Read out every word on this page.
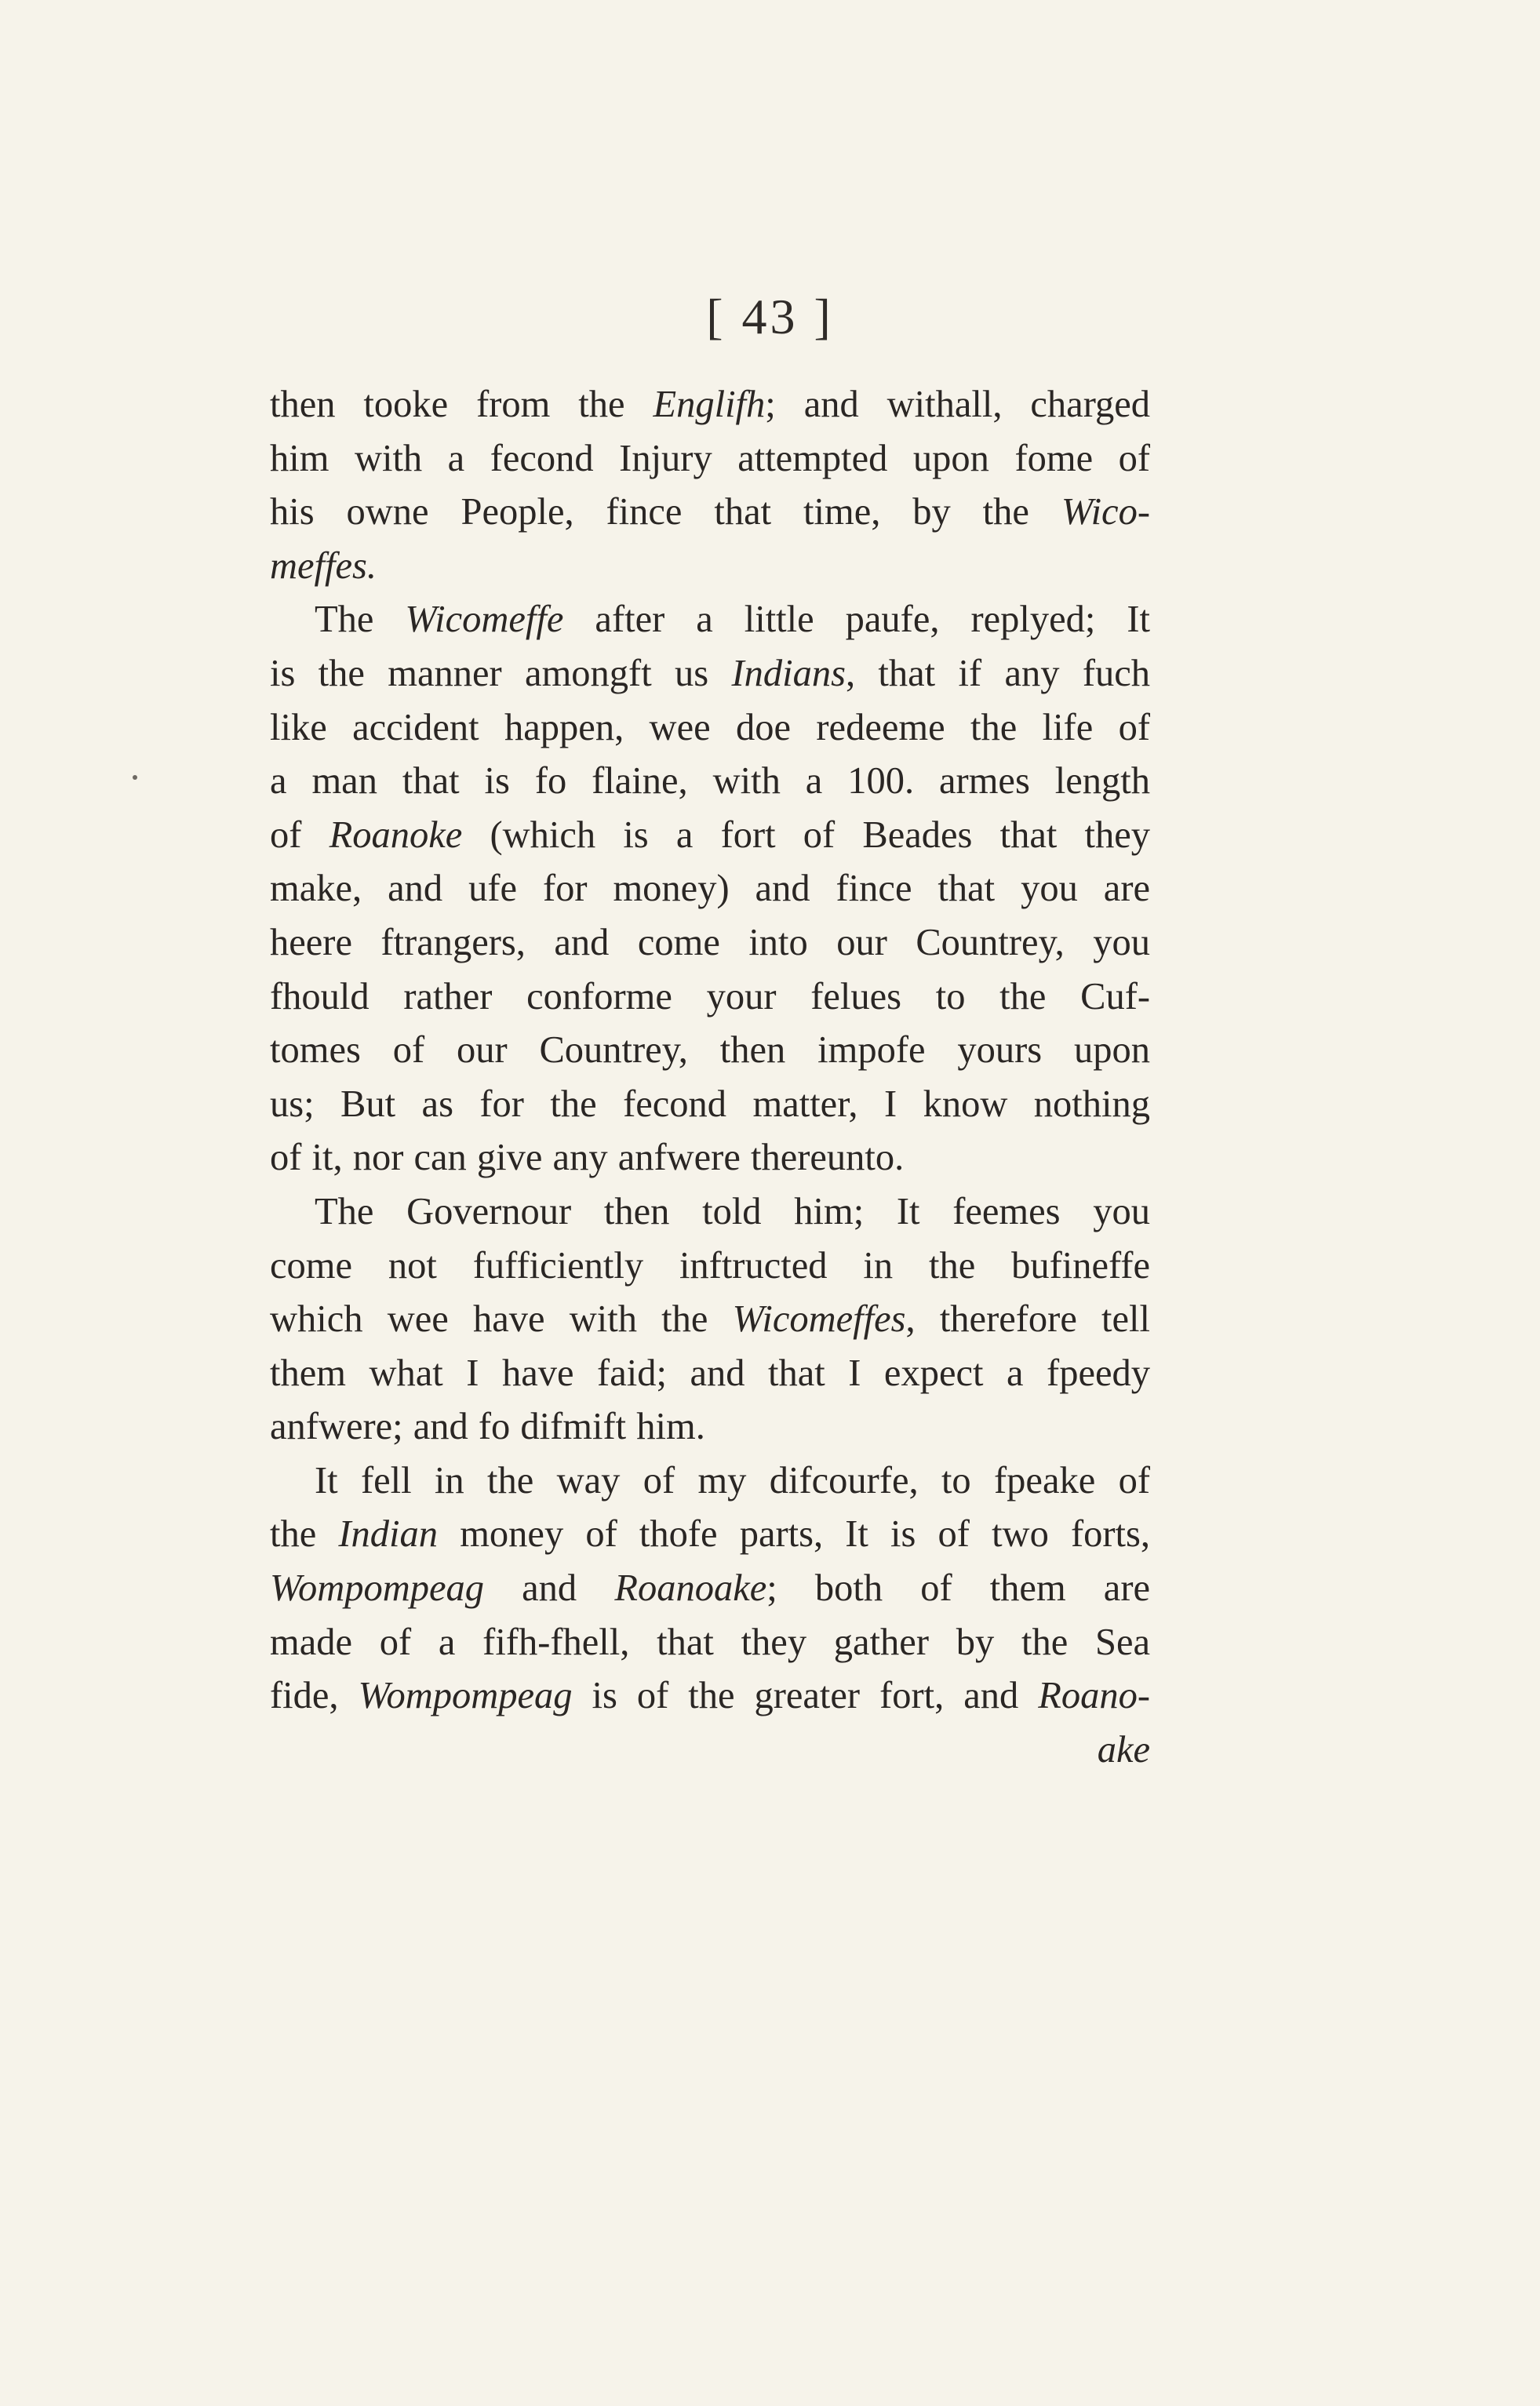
[ 43 ]
then tooke from the Englifh; and withall, charged
him with a fecond Injury attempted upon fome of
his owne People, fince that time, by the Wico-
meffes.
The Wicomeffe after a little paufe, replyed; It
is the manner amongft us Indians, that if any fuch
like accident happen, wee doe redeeme the life of
a man that is fo flaine, with a 100. armes length
of Roanoke (which is a fort of Beades that they
make, and ufe for money) and fince that you are
heere ftrangers, and come into our Countrey, you
fhould rather conforme your felues to the Cuf-
tomes of our Countrey, then impofe yours upon
us; But as for the fecond matter, I know nothing
of it, nor can give any anfwere thereunto.
The Governour then told him; It feemes you
come not fufficiently inftructed in the bufineffe
which wee have with the Wicomeffes, therefore tell
them what I have faid; and that I expect a fpeedy
anfwere; and fo difmift him.
It fell in the way of my difcourfe, to fpeake of
the Indian money of thofe parts, It is of two forts,
Wompompeag and Roanoake; both of them are
made of a fifh-fhell, that they gather by the Sea
fide, Wompompeag is of the greater fort, and Roano-
ake
